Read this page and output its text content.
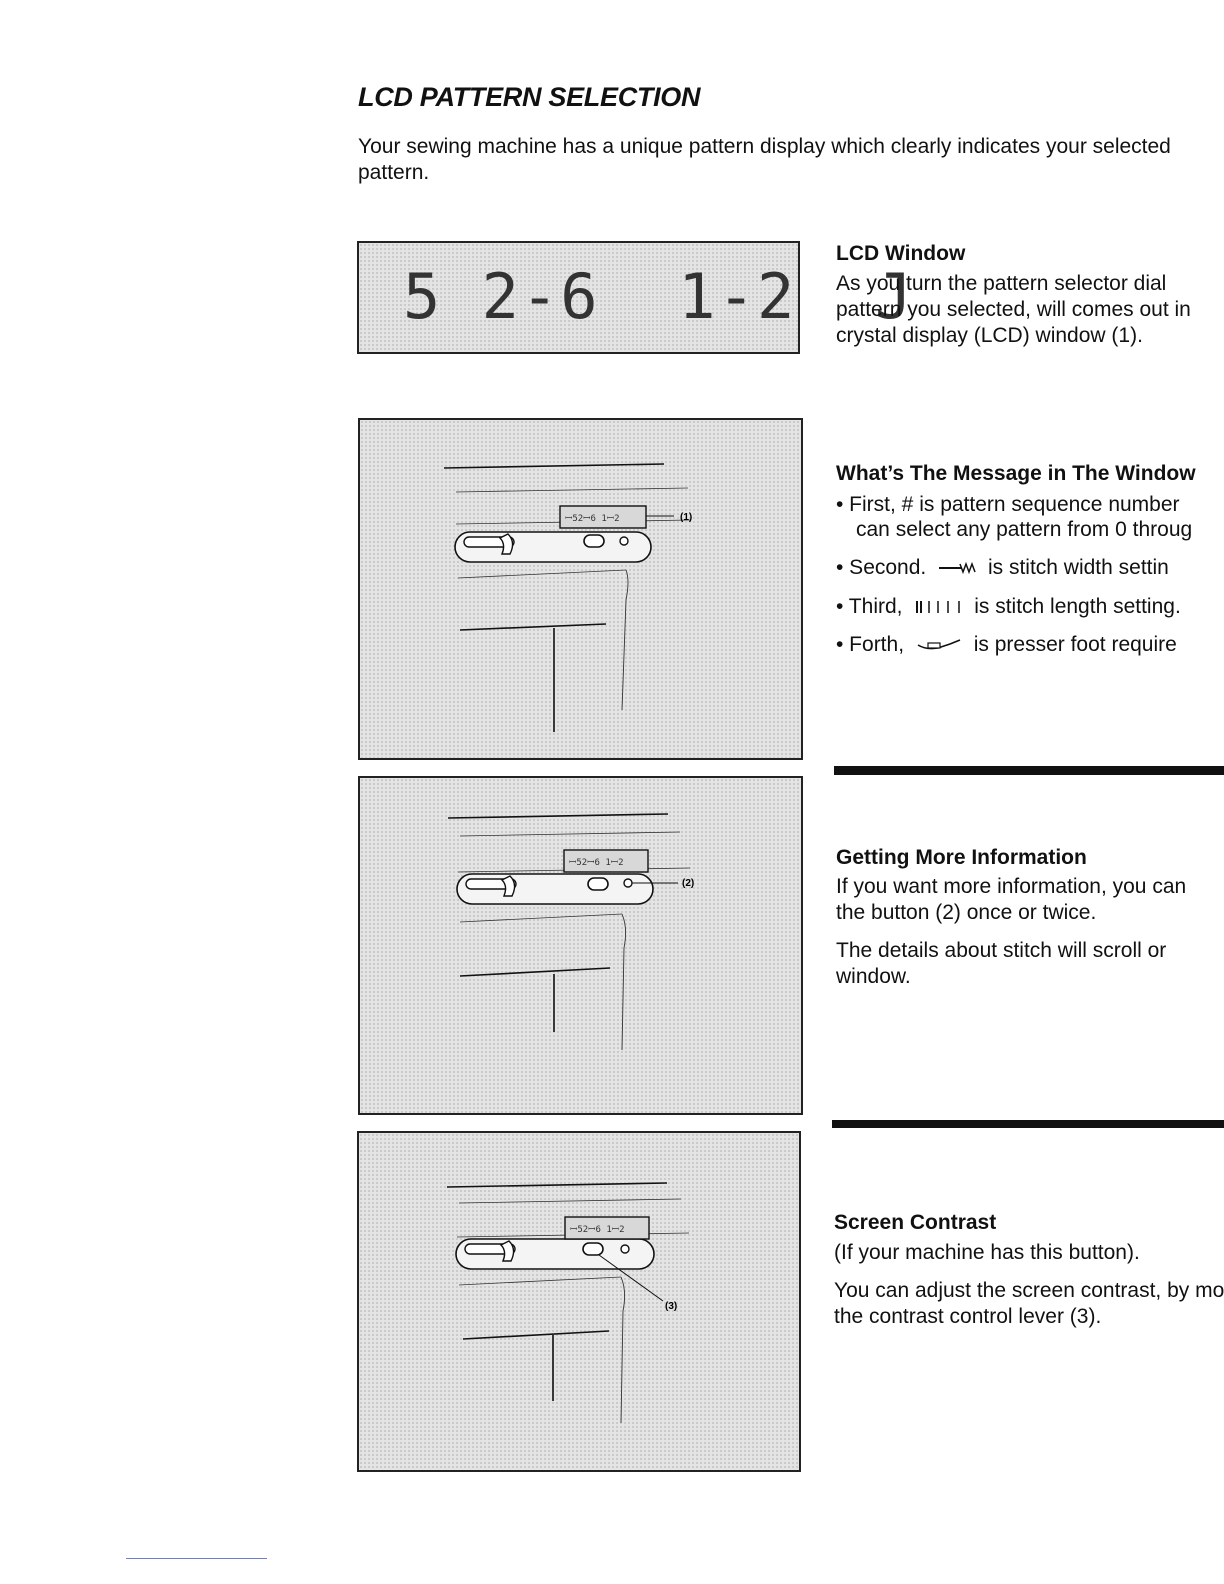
LCD PATTERN SELECTION

Your sewing machine has a unique pattern display which clearly indicates your selected pattern.

5 2-6  1-2  J
ꟷ52ꟷ6 1ꟷ2	(1)
ꟷ52ꟷ6 1ꟷ2
(2)
ꟷ52ꟷ6 1ꟷ2
(3)
LCD Window

As you turn the pattern selector dial

pattern you selected, will comes out in

crystal display (LCD) window (1).

What’s The Message in The Window
• First, # is pattern sequence number
can select any pattern from 0 throug
• Second.	is stitch width settin
• Third,	is stitch length setting.
• Forth,	is presser foot require
Getting More Information

If you want more information, you can

the button (2) once or twice.

The details about stitch will scroll or

window.

Screen Contrast

(If your machine has this button).

You can adjust the screen contrast, by mo

the contrast control lever (3).
